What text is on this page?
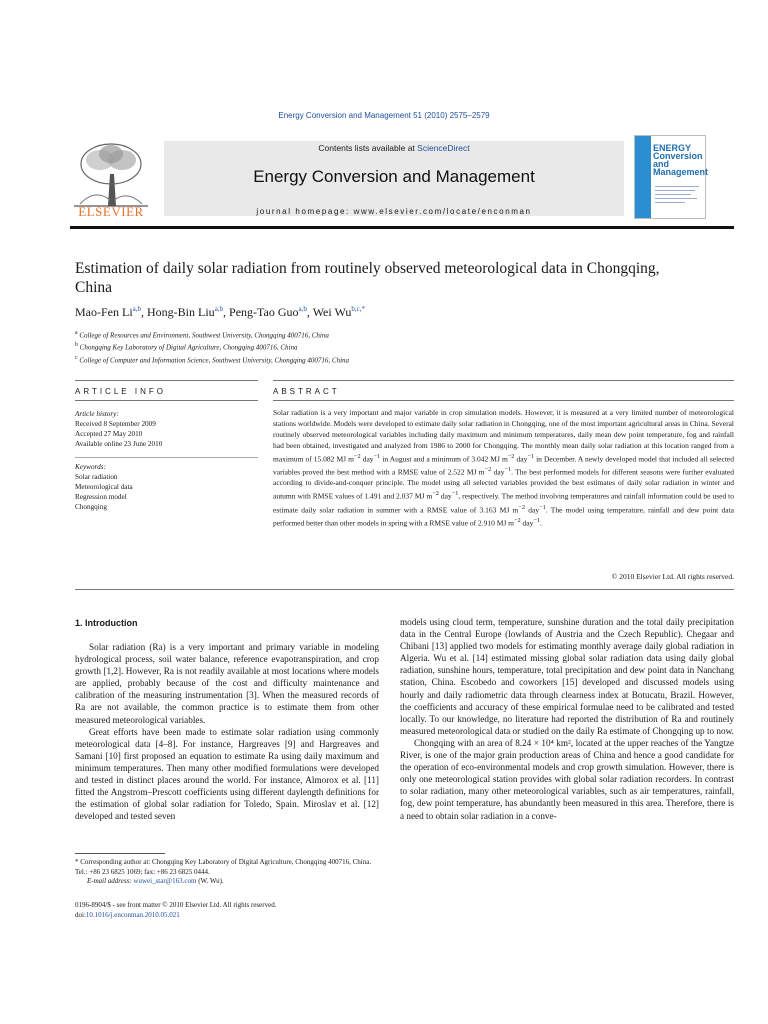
Energy Conversion and Management 51 (2010) 2575–2579
ELSEVIER
Contents lists available at ScienceDirect
Energy Conversion and Management
journal homepage: www.elsevier.com/locate/enconman
ENERGY Conversion and Management
Estimation of daily solar radiation from routinely observed meteorological data in Chongqing, China
Mao-Fen Li$^{a,b}$, Hong-Bin Liu$^{a,b}$, Peng-Tao Guo$^{a,b}$, Wei $Wu^{b,c,*}$
$^a$ College of Resources and Environment, Southwest University, Chongqing 400716, China
$^b$ Chongqing Key Laboratory of Digital Agriculture, Chongqing 400716, China
$^c$ College of Computer and Information Science, Southwest University, Chongqing 400716, China
ARTICLE INFO	ABSTRACT
Article history:
Received 8 September 2009
Accepted 27 May 2010
Available online 23 June 2010
Keywords:
Solar radiation
Meteorological data
Regression model
Chongqing
Solar radiation is a very important and major variable in crop simulation models. However, it is measured at a very limited number of meteorological stations worldwide. Models were developed to estimate daily solar radiation in Chongqing, one of the most important agricultural areas in China. Several routinely observed meteorological variables including daily maximum and minimum temperatures, daily mean dew point temperature, fog and rainfall had been obtained, investigated and analyzed from 1986 to 2000 for Chongqing. The monthly mean daily solar radiation at this location ranged from a maximum of 15.082 MJ $m^{-2}$ day$^{-1}$ in August and a minimum of 3.042 MJ $m^{-2}$ day$^{-1}$ in December. A newly developed model that included all selected variables proved the best method with a RMSE value of 2.522 MJ $m^{-2}$ day$^{-1}$. The best performed models for different seasons were further evaluated according to divide-and-conquer principle. The model using all selected variables provided the best estimates of daily solar radiation in winter and autumn with RMSE values of 1.491 and 2.037 MJ $m^{-2}$ day$^{-1}$, respectively. The method involving temperatures and rainfall information could be used to estimate daily solar radiation in summer with a RMSE value of 3.163 MJ $m^{-2}$ day$^{-1}$. The model using temperature, rainfall and dew point data performed better than other models in spring with a RMSE value of 2.910 MJ $m^{-2}$ day$^{-1}$.
© 2010 Elsevier Ltd. All rights reserved.
1. Introduction

Solar radiation (Ra) is a very important and primary variable in modeling hydrological process, soil water balance, reference evapotranspiration, and crop growth [1,2]. However, Ra is not readily available at most locations where models are applied, probably because of the cost and difficulty maintenance and calibration of the measuring instrumentation [3]. When the measured records of Ra are not available, the common practice is to estimate them from other measured meteorological variables.

Great efforts have been made to estimate solar radiation using commonly meteorological data [4–8]. For instance, Hargreaves [9] and Hargreaves and Samani [10] first proposed an equation to estimate Ra using daily maximum and minimum temperatures. Then many other modified formulations were developed and tested in distinct places around the world. For instance, Almorox et al. [11] fitted the Angstrom–Prescott coefficients using different daylength definitions for the estimation of global solar radiation for Toledo, Spain. Miroslav et al. [12] developed and tested seven

* Corresponding author at: Chongqing Key Laboratory of Digital Agriculture, Chongqing 400716, China. Tel.: +86 23 6825 1069; fax: +86 23 6825 0444.
E-mail address: wuwei_star@163.com (W. Wu).
0196-8904/$ - see front matter © 2010 Elsevier Ltd. All rights reserved.
doi:10.1016/j.enconman.2010.05.021

models using cloud term, temperature, sunshine duration and the total daily precipitation data in the Central Europe (lowlands of Austria and the Czech Republic). Chegaar and Chibani [13] applied two models for estimating monthly average daily global radiation in Algeria. Wu et al. [14] estimated missing global solar radiation data using daily global radiation, sunshine hours, temperature, total precipitation and dew point data in Nanchang station, China. Escobedo and coworkers [15] developed and discussed models using hourly and daily radiometric data through clearness index at Botucatu, Brazil. However, the coefficients and accuracy of these empirical formulae need to be calibrated and tested locally. To our knowledge, no literature had reported the distribution of Ra and routinely measured meteorological data or studied on the daily Ra estimate of Chongqing up to now.

Chongqing with an area of 8.24 × 10⁴ km², located at the upper reaches of the Yangtze River, is one of the major grain production areas of China and hence a good candidate for the operation of eco-environmental models and crop growth simulation. However, there is only one meteorological station provides with global solar radiation recorders. In contrast to solar radiation, many other meteorological variables, such as air temperatures, rainfall, fog, dew point temperature, has abundantly been measured in this area. Therefore, there is a need to obtain solar radiation in a conve-
